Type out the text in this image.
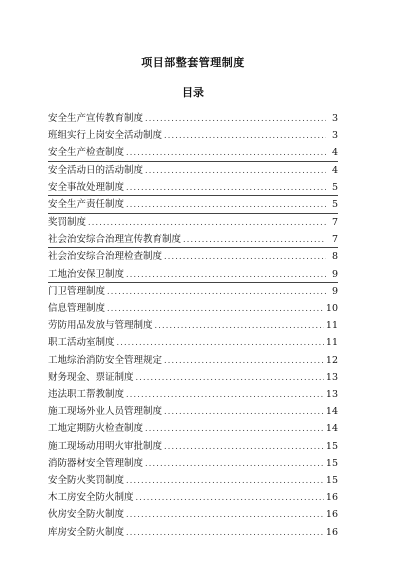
项目部整套管理制度
目录
安全生产宣传教育制度 .....	3
班组实行上岗安全活动制度 .....	3
安全生产检查制度 .....	4
安全活动日的活动制度 .....	4
安全事故处理制度 .....	5
安全生产责任制度 .....	5
奖罚制度 .....	7
社会治安综合治理宣传教育制度 .....	7
社会治安综合治理检查制度 .....	8
工地治安保卫制度 .....	9
门卫管理制度 .....	9
信息管理制度 .....	10
劳防用品发放与管理制度 .....	11
职工活动室制度 .....	11
工地综治消防安全管理规定 .....	12
财务现金、票证制度 .....	13
违法职工帮教制度 .....	13
施工现场外业人员管理制度 .....	14
工地定期防火检查制度 .....	14
施工现场动用明火审批制度 .....	15
消防器材安全管理制度 .....	15
安全防火奖罚制度 .....	15
木工房安全防火制度 .....	16
伙房安全防火制度 .....	16
库房安全防火制度 .....	16
